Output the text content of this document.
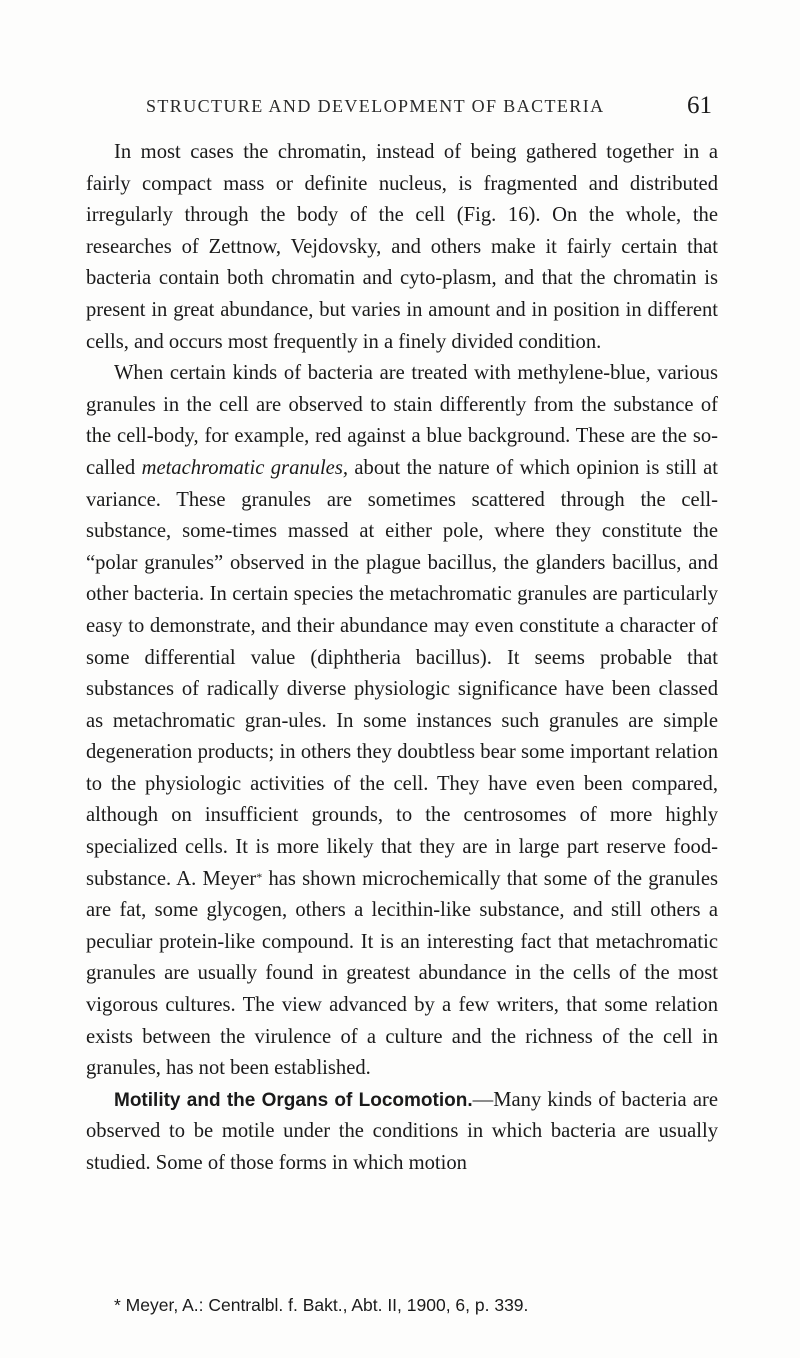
STRUCTURE AND DEVELOPMENT OF BACTERIA	61

In most cases the chromatin, instead of being gathered together in a fairly compact mass or definite nucleus, is fragmented and distributed irregularly through the body of the cell (Fig. 16). On the whole, the researches of Zettnow, Vejdovsky, and others make it fairly certain that bacteria contain both chromatin and cyto-plasm, and that the chromatin is present in great abundance, but varies in amount and in position in different cells, and occurs most frequently in a finely divided condition.

When certain kinds of bacteria are treated with methylene-blue, various granules in the cell are observed to stain differently from the substance of the cell-body, for example, red against a blue background. These are the so-called metachromatic granules, about the nature of which opinion is still at variance. These granules are sometimes scattered through the cell-substance, some-times massed at either pole, where they constitute the “polar granules” observed in the plague bacillus, the glanders bacillus, and other bacteria. In certain species the metachromatic granules are particularly easy to demonstrate, and their abundance may even constitute a character of some differential value (diphtheria bacillus). It seems probable that substances of radically diverse physiologic significance have been classed as metachromatic gran-ules. In some instances such granules are simple degeneration products; in others they doubtless bear some important relation to the physiologic activities of the cell. They have even been compared, although on insufficient grounds, to the centrosomes of more highly specialized cells. It is more likely that they are in large part reserve food-substance. A. Meyer* has shown microchemically that some of the granules are fat, some glycogen, others a lecithin-like substance, and still others a peculiar protein-like compound. It is an interesting fact that metachromatic granules are usually found in greatest abundance in the cells of the most vigorous cultures. The view advanced by a few writers, that some relation exists between the virulence of a culture and the richness of the cell in granules, has not been established.

Motility and the Organs of Locomotion.—Many kinds of bacteria are observed to be motile under the conditions in which bacteria are usually studied. Some of those forms in which motion

* Meyer, A.: Centralbl. f. Bakt., Abt. II, 1900, 6, p. 339.
